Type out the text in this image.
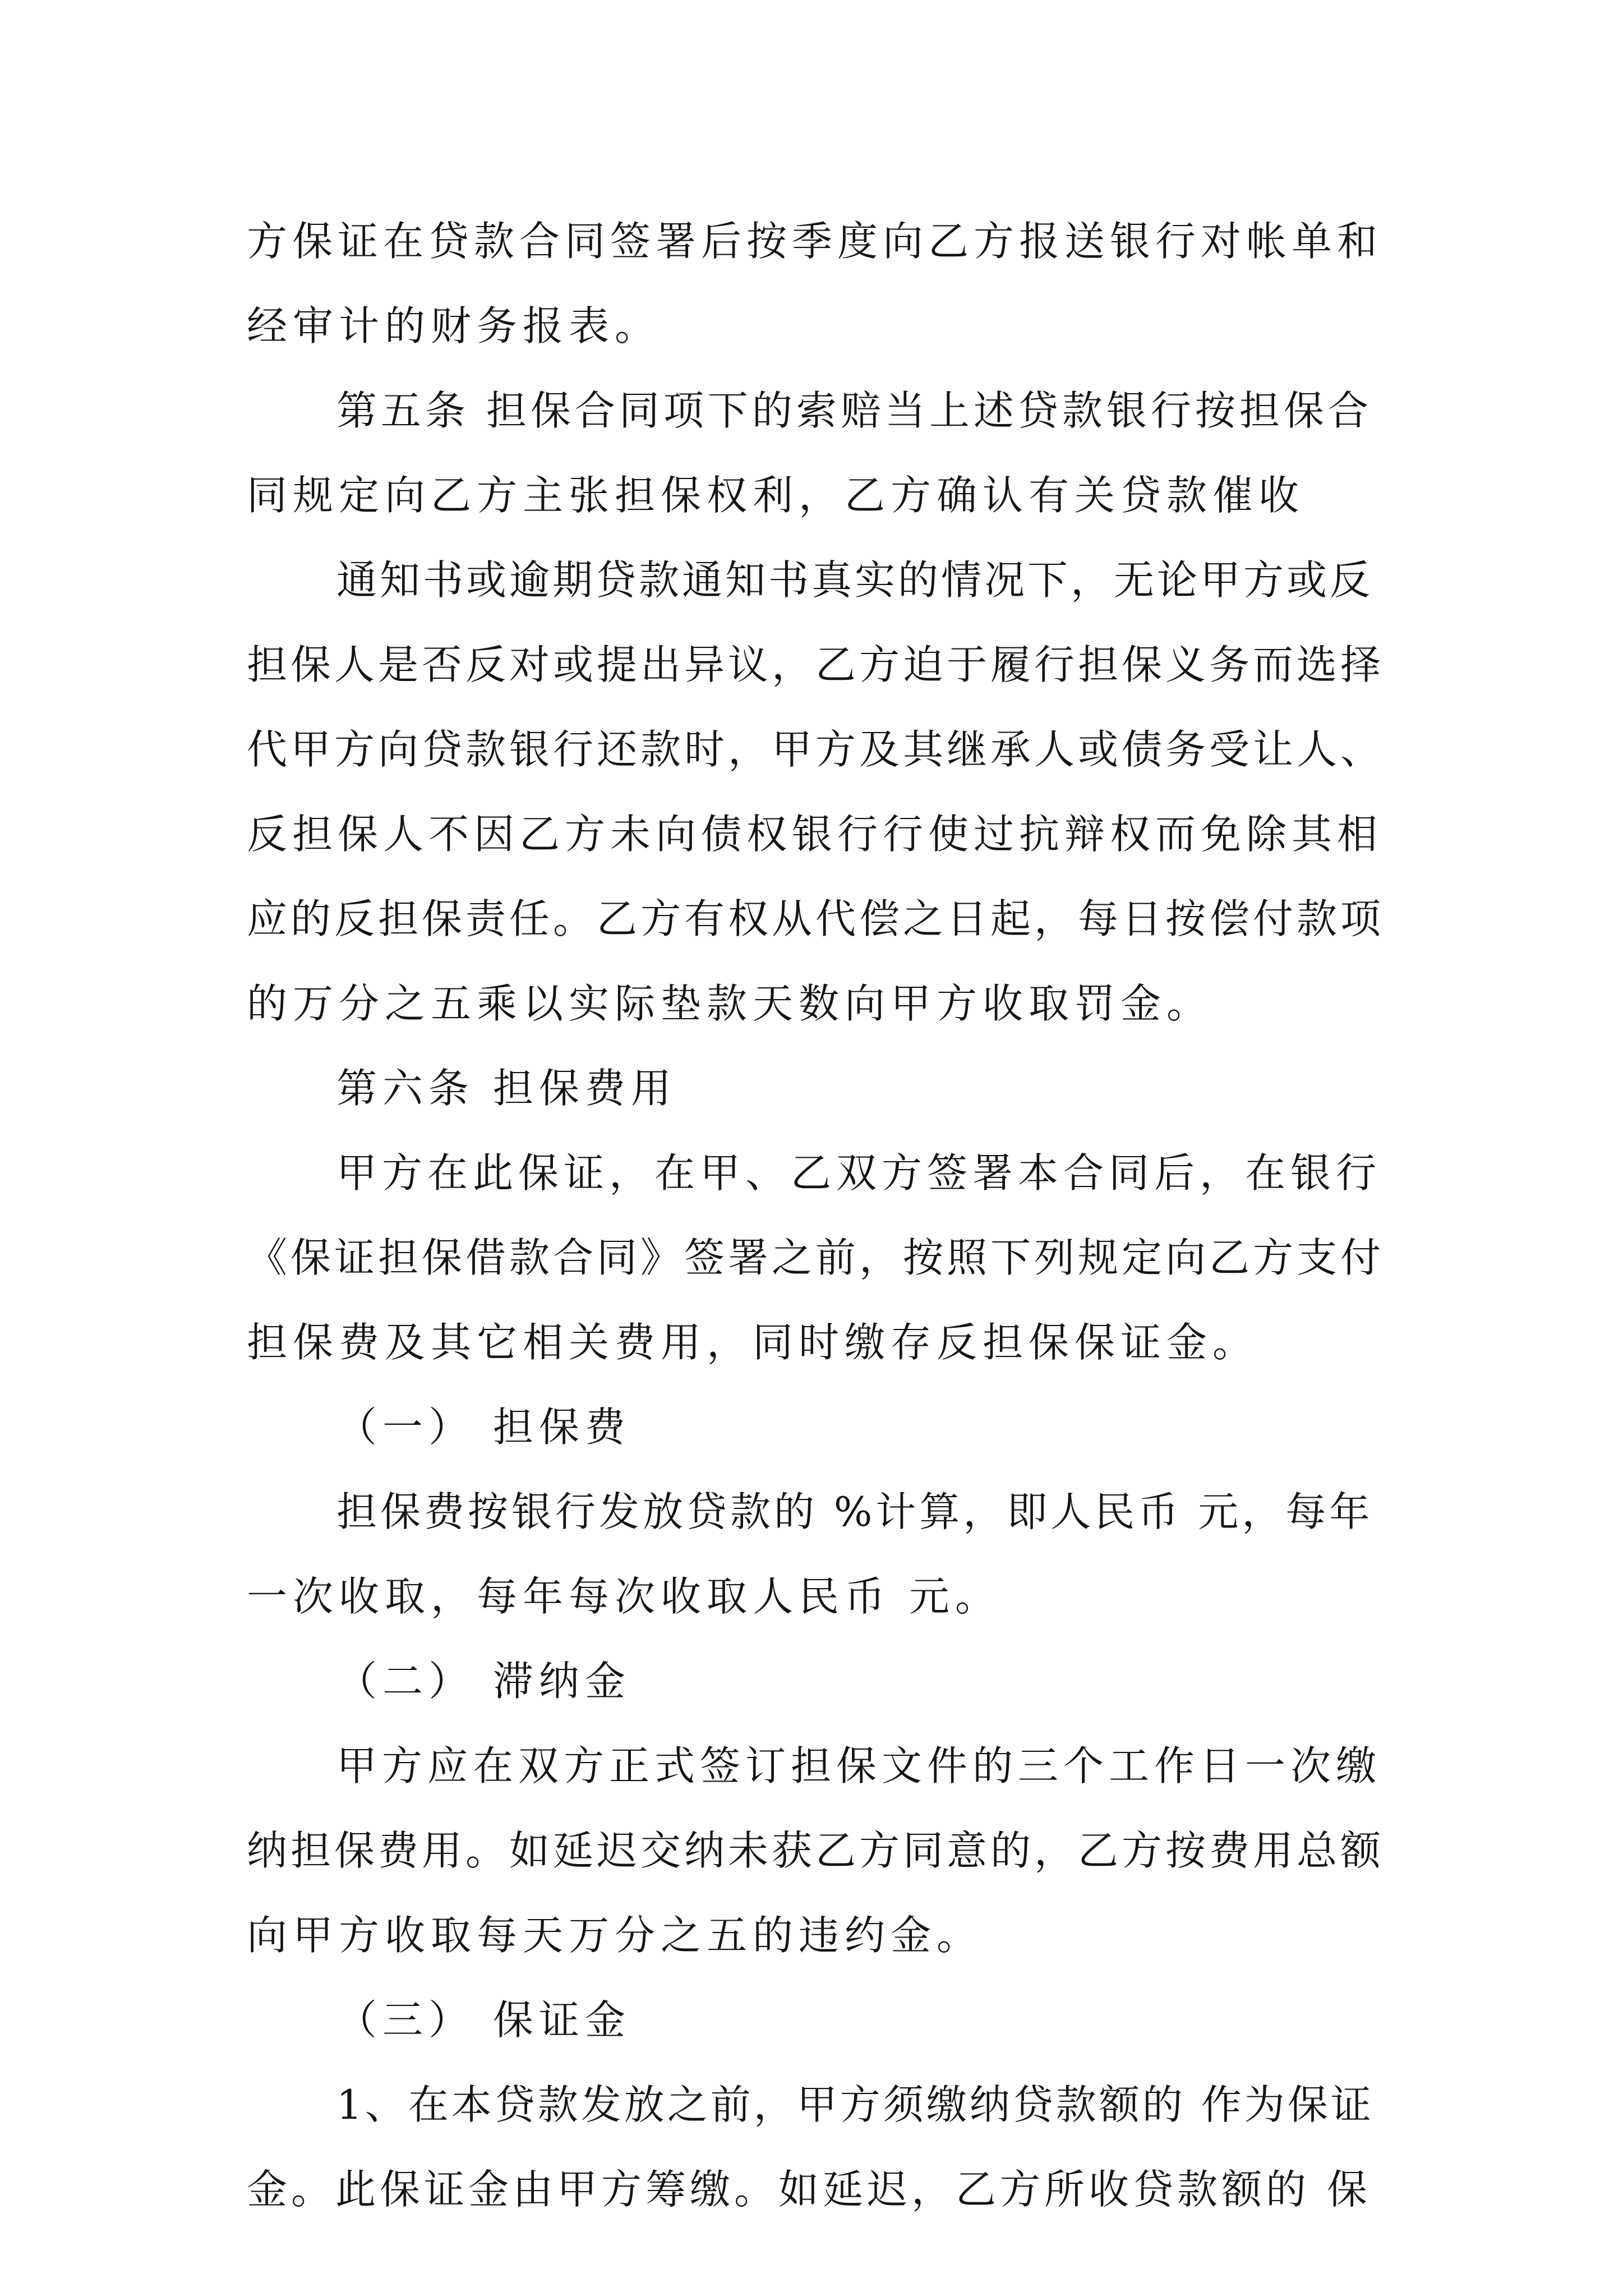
方保证在贷款合同签署后按季度向乙方报送银行对帐单和
经审计的财务报表。
第五条 担保合同项下的索赔当上述贷款银行按担保合
同规定向乙方主张担保权利，乙方确认有关贷款催收
通知书或逾期贷款通知书真实的情况下，无论甲方或反
担保人是否反对或提出异议，乙方迫于履行担保义务而选择
代甲方向贷款银行还款时，甲方及其继承人或债务受让人、
反担保人不因乙方未向债权银行行使过抗辩权而免除其相
应的反担保责任。乙方有权从代偿之日起，每日按偿付款项
的万分之五乘以实际垫款天数向甲方收取罚金。
第六条 担保费用
甲方在此保证，在甲、乙双方签署本合同后，在银行
《保证担保借款合同》签署之前，按照下列规定向乙方支付
担保费及其它相关费用，同时缴存反担保保证金。
（一） 担保费
担保费按银行发放贷款的 %计算，即人民币 元，每年
一次收取，每年每次收取人民币 元。
（二） 滞纳金
甲方应在双方正式签订担保文件的三个工作日一次缴
纳担保费用。如延迟交纳未获乙方同意的，乙方按费用总额
向甲方收取每天万分之五的违约金。
（三） 保证金
1、在本贷款发放之前，甲方须缴纳贷款额的 作为保证
金。此保证金由甲方筹缴。如延迟，乙方所收贷款额的 保
